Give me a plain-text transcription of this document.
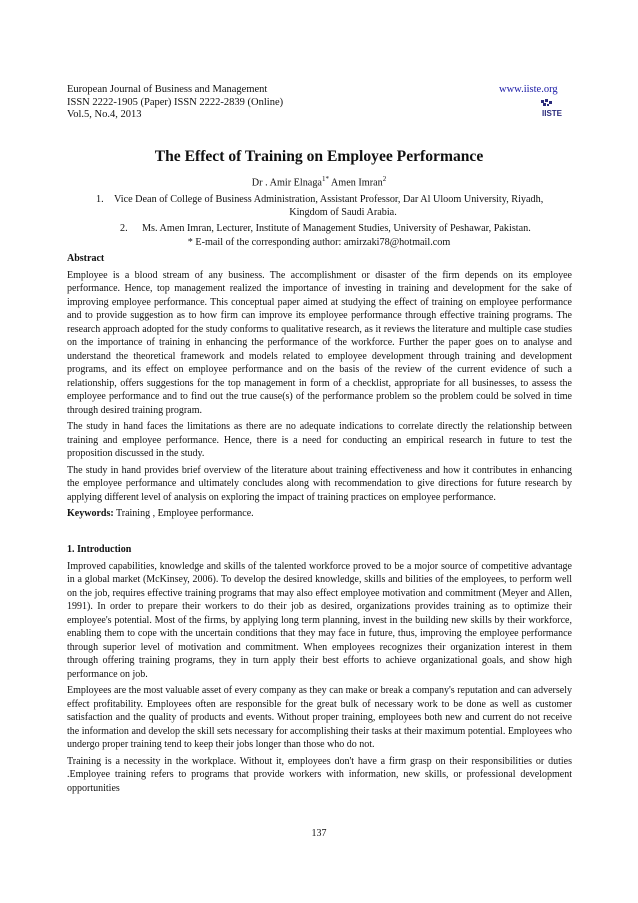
European Journal of Business and Management
ISSN 2222-1905 (Paper) ISSN 2222-2839 (Online)
Vol.5, No.4, 2013
www.iiste.org
IISTE
The Effect of Training on Employee Performance
Dr . Amir Elnaga$^{1*}$ Amen Imran$^2$
1.	Vice Dean of College of Business Administration, Assistant Professor, Dar Al Uloom University, Riyadh,
Kingdom of Saudi Arabia.
2.	Ms. Amen Imran, Lecturer, Institute of Management Studies, University of Peshawar, Pakistan.
* E-mail of the corresponding author: amirzaki78@hotmail.com

Abstract

Employee is a blood stream of any business. The accomplishment or disaster of the firm depends on its employee performance. Hence, top management realized the importance of investing in training and development for the sake of improving employee performance. This conceptual paper aimed at studying the effect of training on employee performance and to provide suggestion as to how firm can improve its employee performance through effective training programs. The research approach adopted for the study conforms to qualitative research, as it reviews the literature and multiple case studies on the importance of training in enhancing the performance of the workforce. Further the paper goes on to analyse and understand the theoretical framework and models related to employee development through training and development programs, and its effect on employee performance and on the basis of the review of the current evidence of such a relationship, offers suggestions for the top management in form of a checklist, appropriate for all businesses, to assess the employee performance and to find out the true cause(s) of the performance problem so the problem could be solved in time through desired training program.

The study in hand faces the limitations as there are no adequate indications to correlate directly the relationship between training and employee performance. Hence, there is a need for conducting an empirical research in future to test the proposition discussed in the study.

The study in hand provides brief overview of the literature about training effectiveness and how it contributes in enhancing the employee performance and ultimately concludes along with recommendation to give directions for future research by applying different level of analysis on exploring the impact of training practices on employee performance.

Keywords: Training , Employee performance.

1. Introduction

Improved capabilities, knowledge and skills of the talented workforce proved to be a mojor source of competitive advantage in a global market (McKinsey, 2006). To develop the desired knowledge, skills and bilities of the employees, to perform well on the job, requires effective training programs that may also effect employee motivation and commitment (Meyer and Allen, 1991). In order to prepare their workers to do their job as desired, organizations provides training as to optimize their employee's potential. Most of the firms, by applying long term planning, invest in the building new skills by their workforce, enabling them to cope with the uncertain conditions that they may face in future, thus, improving the employee performance through superior level of motivation and commitment. When employees recognizes their organization interest in them through offering training programs, they in turn apply their best efforts to achieve organizational goals, and show high performance on job.

Employees are the most valuable asset of every company as they can make or break a company's reputation and can adversely effect profitability. Employees often are responsible for the great bulk of necessary work to be done as well as customer satisfaction and the quality of products and events. Without proper training, employees both new and current do not receive the information and develop the skill sets necessary for accomplishing their tasks at their maximum potential. Employees who undergo proper training tend to keep their jobs longer than those who do not.

Training is a necessity in the workplace. Without it, employees don't have a firm grasp on their responsibilities or duties .Employee training refers to programs that provide workers with information, new skills, or professional development opportunities

137
